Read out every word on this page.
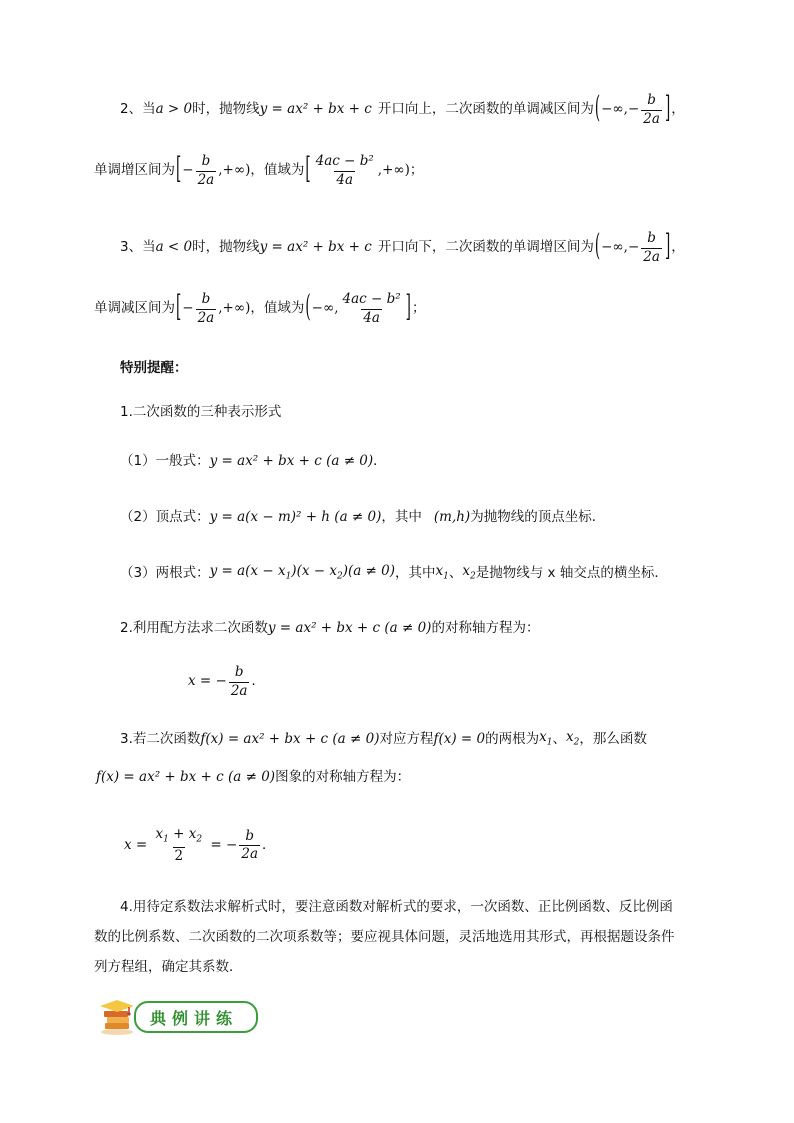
2、当 a > 0 时，抛物线 y = ax² + bx + c 开口向上，二次函数的单调减区间为 ( −∞,− $\frac{b}{2a}$ ] ，
单调增区间为 [ − $\frac{b}{2a}$ ,+∞) ，值域为 [ $\frac{\text{4ac − b²}}{4a}$ ,+∞) ；
3、当 a < 0 时，抛物线 y = ax² + bx + c 开口向下，二次函数的单调增区间为 ( −∞,− $\frac{b}{2a}$ ] ，
单调减区间为 [ − $\frac{b}{2a}$ ,+∞) ，值域为 ( −∞, $\frac{\text{4ac − b²}}{4a}$ ] ；
特别提醒：
1.二次函数的三种表示形式
（1）一般式： y = ax² + bx + c (a ≠ 0) ．
（2）顶点式： y = a(x − m)² + h (a ≠ 0) ，其中 (m,h) 为抛物线的顶点坐标．
（3）两根式： $y = a(x - x_1)(x - x_2)(a \ne 0)$ ，其中 $x_1$ 、 $x_2$ 是抛物线与 x 轴交点的横坐标．
2.利用配方法求二次函数 y = ax² + bx + c (a ≠ 0) 的对称轴方程为：
x = − $\frac{b}{2a}$ ．
3.若二次函数 f(x) = ax² + bx + c (a ≠ 0) 对应方程 f(x) = 0 的两根为 $x_1$ 、 $x_2$ ，那么函数
f(x) = ax² + bx + c (a ≠ 0) 图象的对称轴方程为：
$x = \frac{x_1 + x_2}{2}$ = − $\frac{b}{2a}$ ．
4.用待定系数法求解析式时，要注意函数对解析式的要求，一次函数、正比例函数、反比例函
数的比例系数、二次函数的二次项系数等；要应视具体问题，灵活地选用其形式，再根据题设条件
列方程组，确定其系数．
典例讲练
